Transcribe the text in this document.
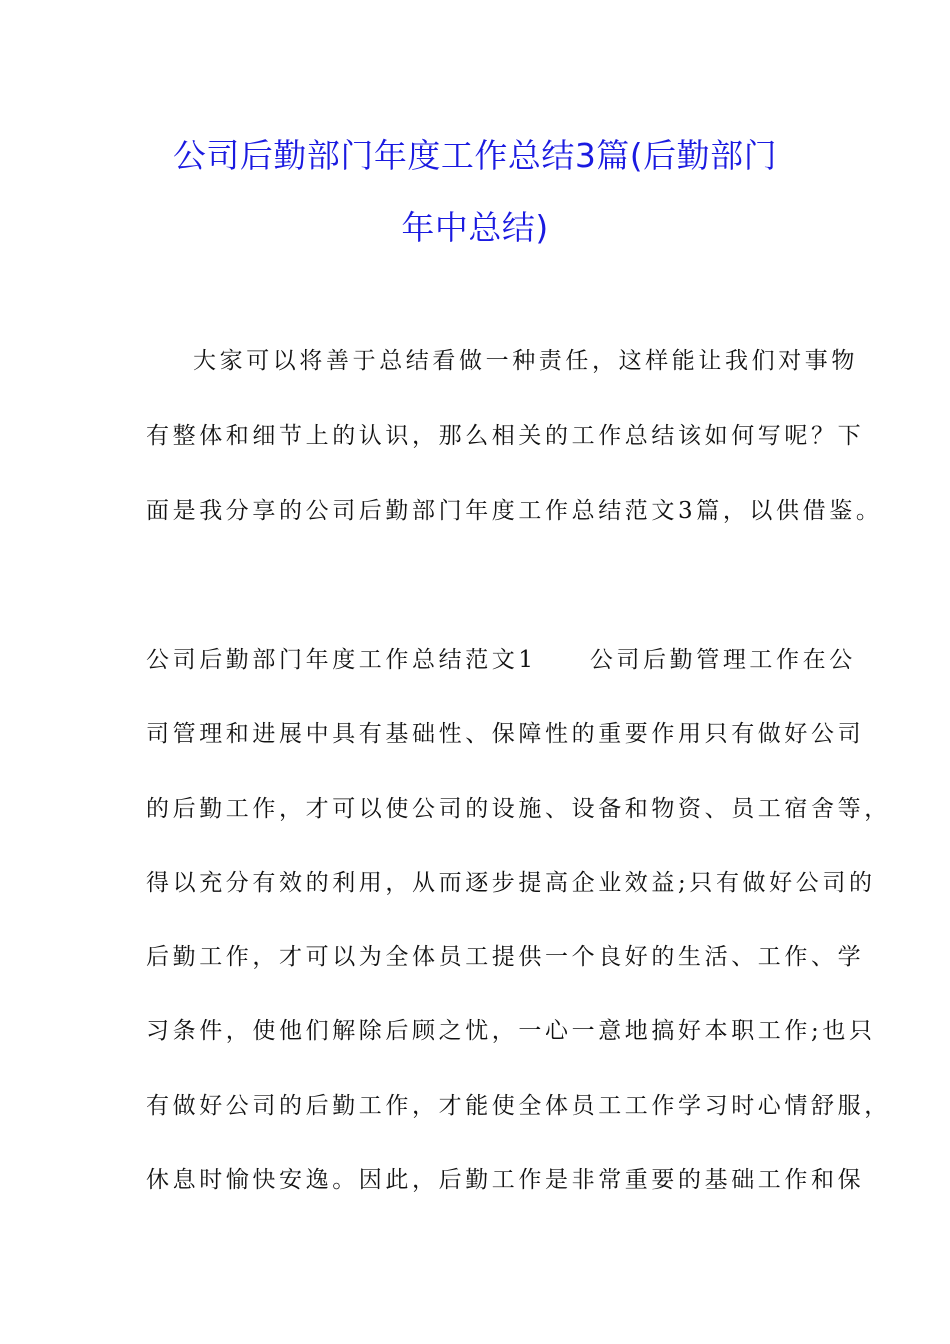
公司后勤部门年度工作总结3篇(后勤部门
年中总结)
大家可以将善于总结看做一种责任，这样能让我们对事物
有整体和细节上的认识，那么相关的工作总结该如何写呢？下
面是我分享的公司后勤部门年度工作总结范文3篇，以供借鉴。
公司后勤部门年度工作总结范文1　　公司后勤管理工作在公
司管理和进展中具有基础性、保障性的重要作用只有做好公司
的后勤工作，才可以使公司的设施、设备和物资、员工宿舍等，
得以充分有效的利用，从而逐步提高企业效益;只有做好公司的
后勤工作，才可以为全体员工提供一个良好的生活、工作、学
习条件，使他们解除后顾之忧，一心一意地搞好本职工作;也只
有做好公司的后勤工作，才能使全体员工工作学习时心情舒服，
休息时愉快安逸。因此，后勤工作是非常重要的基础工作和保
